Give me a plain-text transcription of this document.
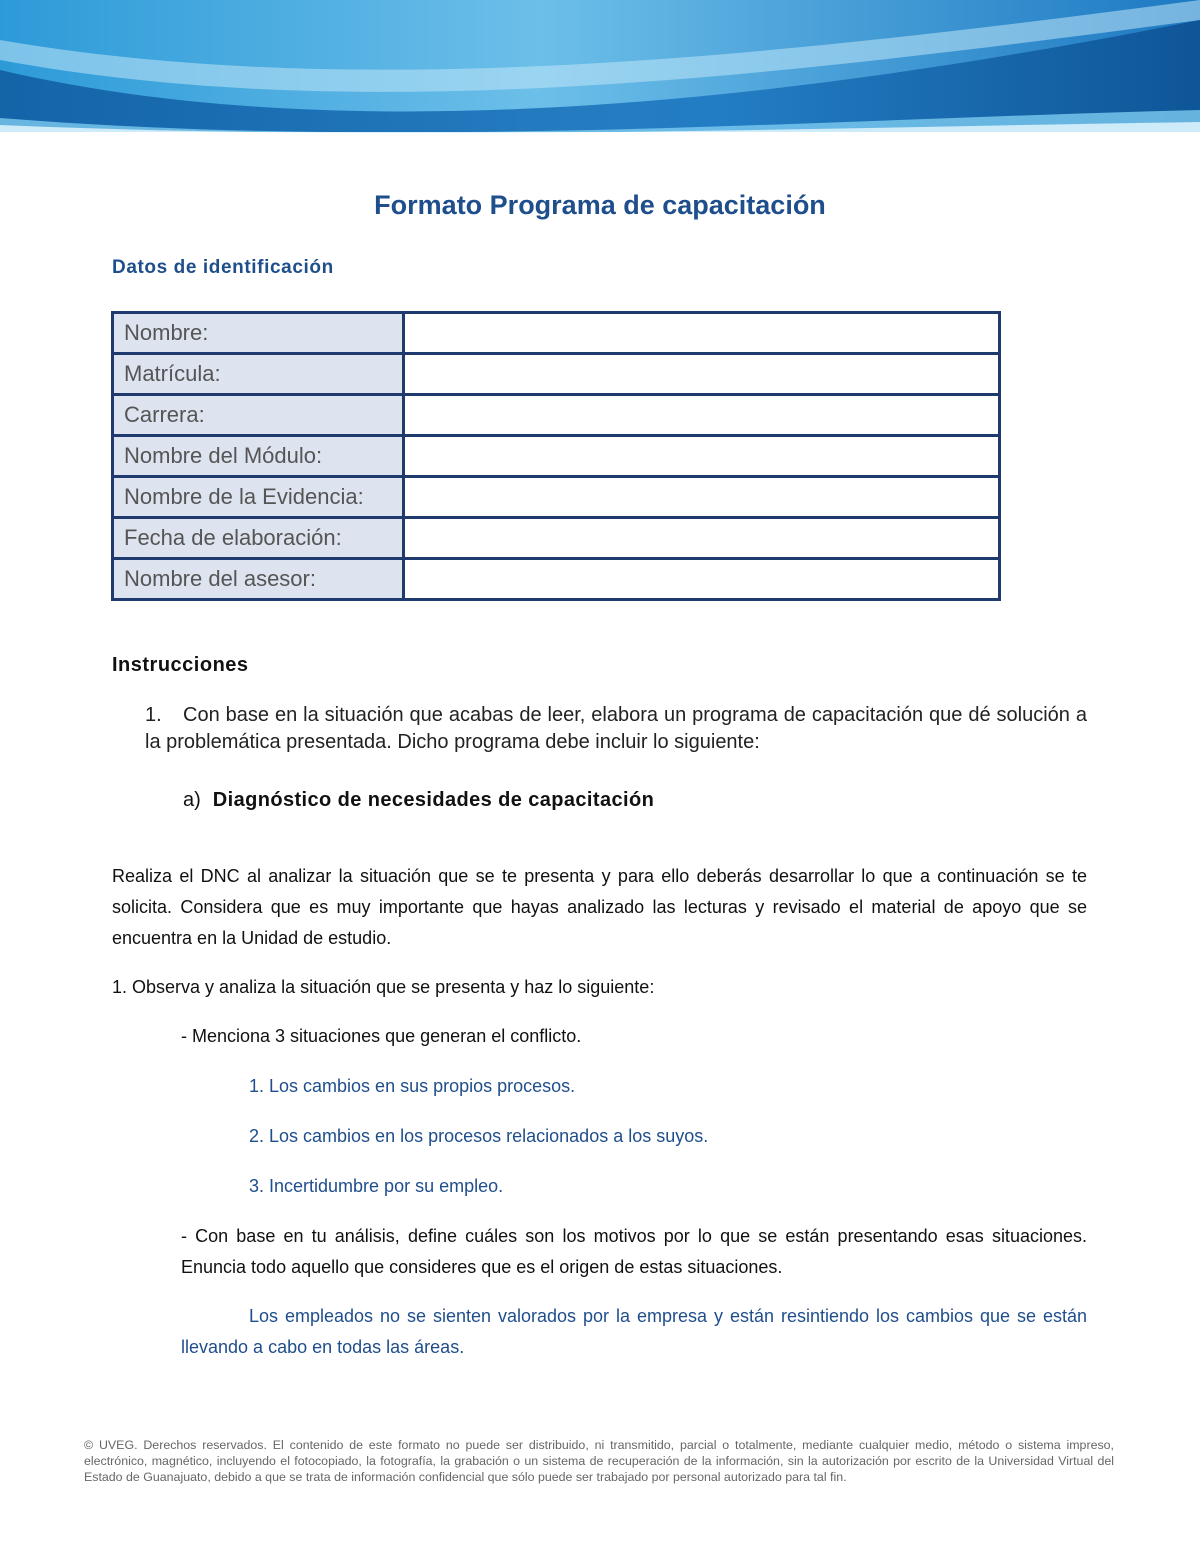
Formato Programa de capacitación
Datos de identificación
Nombre:	
Matrícula:	
Carrera:	
Nombre del Módulo:	
Nombre de la Evidencia:	
Fecha de elaboración:	
Nombre del asesor:	
Instrucciones
1. Con base en la situación que acabas de leer, elabora un programa de capacitación que dé solución a la problemática presentada. Dicho programa debe incluir lo siguiente:
a) Diagnóstico de necesidades de capacitación
Realiza el DNC al analizar la situación que se te presenta y para ello deberás desarrollar lo que a continuación se te solicita. Considera que es muy importante que hayas analizado las lecturas y revisado el material de apoyo que se encuentra en la Unidad de estudio.
1. Observa y analiza la situación que se presenta y haz lo siguiente:
- Menciona 3 situaciones que generan el conflicto.
1. Los cambios en sus propios procesos.
2. Los cambios en los procesos relacionados a los suyos.
3. Incertidumbre por su empleo.
- Con base en tu análisis, define cuáles son los motivos por lo que se están presentando esas situaciones. Enuncia todo aquello que consideres que es el origen de estas situaciones.
Los empleados no se sienten valorados por la empresa y están resintiendo los cambios que se están llevando a cabo en todas las áreas.
© UVEG. Derechos reservados. El contenido de este formato no puede ser distribuido, ni transmitido, parcial o totalmente, mediante cualquier medio, método o sistema impreso, electrónico, magnético, incluyendo el fotocopiado, la fotografía, la grabación o un sistema de recuperación de la información, sin la autorización por escrito de la Universidad Virtual del Estado de Guanajuato, debido a que se trata de información confidencial que sólo puede ser trabajado por personal autorizado para tal fin.
